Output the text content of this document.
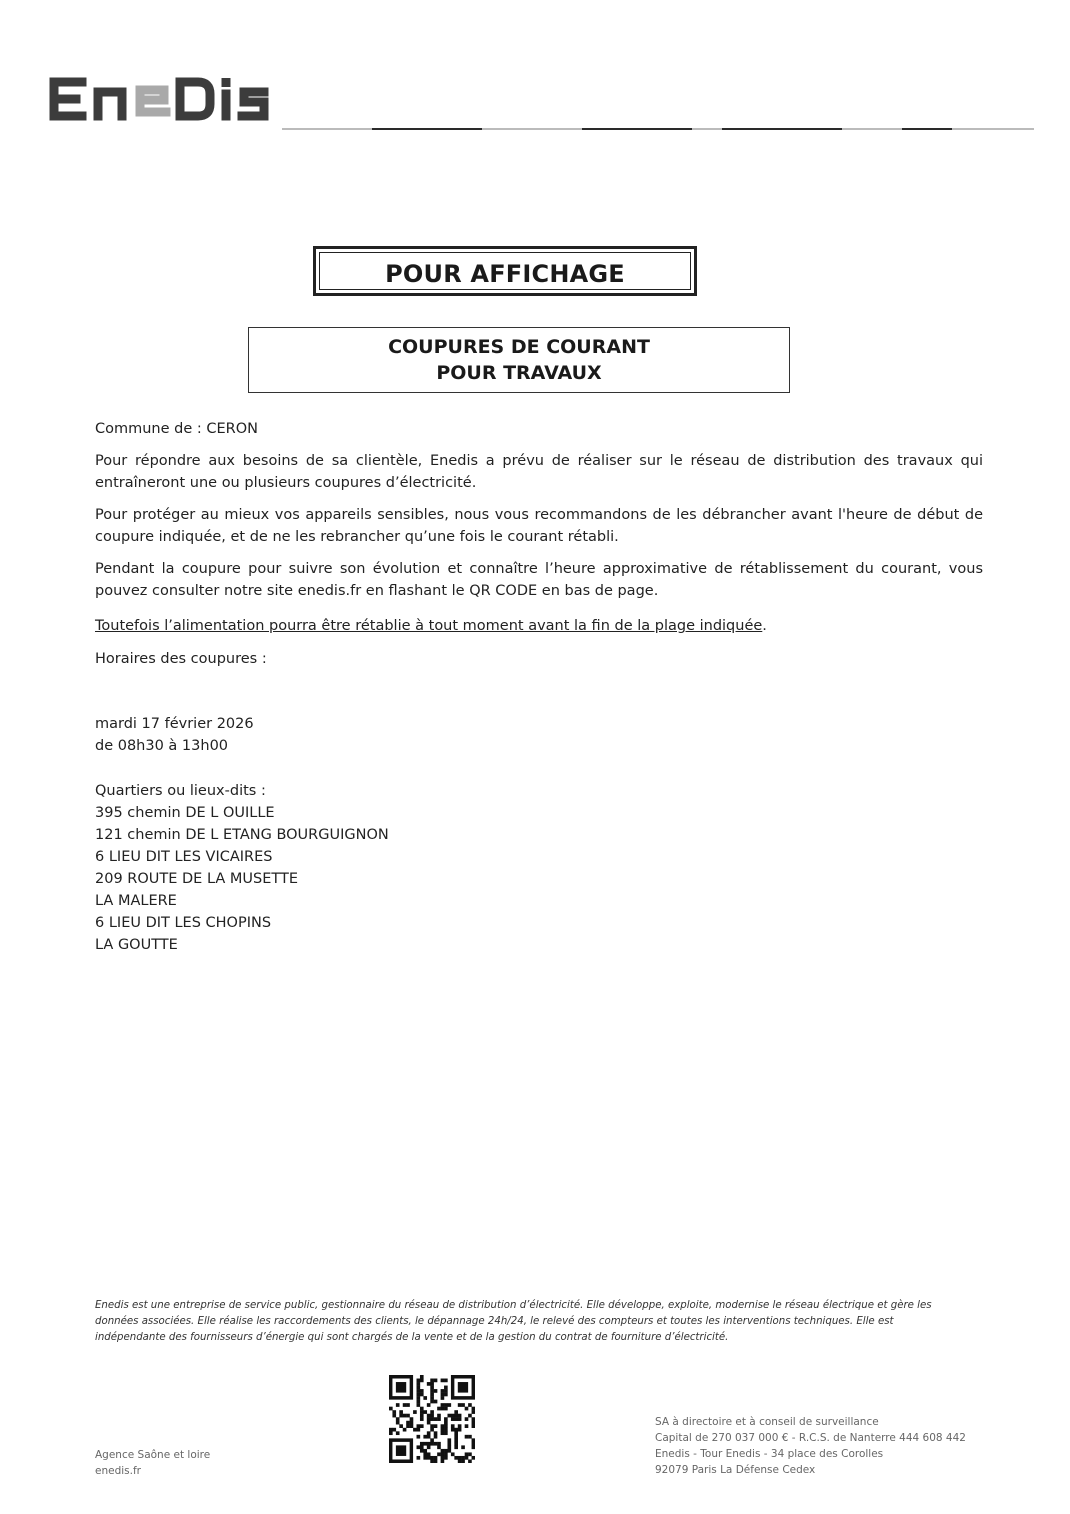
POUR AFFICHAGE
COUPURES DE COURANT
POUR TRAVAUX
Commune de : CERON
Pour répondre aux besoins de sa clientèle, Enedis a prévu de réaliser sur le réseau de distribution des travaux qui entraîneront une ou plusieurs coupures d’électricité.
Pour protéger au mieux vos appareils sensibles, nous vous recommandons de les débrancher avant l'heure de début de coupure indiquée, et de ne les rebrancher qu’une fois le courant rétabli.
Pendant la coupure pour suivre son évolution et connaître l’heure approximative de rétablissement du courant, vous pouvez consulter notre site enedis.fr en flashant le QR CODE en bas de page.
Toutefois l’alimentation pourra être rétablie à tout moment avant la fin de la plage indiquée.
Horaires des coupures :
mardi 17 février 2026
de 08h30 à 13h00
Quartiers ou lieux-dits :
395 chemin DE L OUILLE
121 chemin DE L ETANG BOURGUIGNON
6 LIEU DIT LES VICAIRES
209 ROUTE DE LA MUSETTE
LA MALERE
6 LIEU DIT LES CHOPINS
LA GOUTTE
Enedis est une entreprise de service public, gestionnaire du réseau de distribution d’électricité. Elle développe, exploite, modernise le réseau électrique et gère les données associées. Elle réalise les raccordements des clients, le dépannage 24h/24, le relevé des compteurs et toutes les interventions techniques. Elle est indépendante des fournisseurs d’énergie qui sont chargés de la vente et de la gestion du contrat de fourniture d’électricité.
Agence Saône et loire
enedis.fr
SA à directoire et à conseil de surveillance
Capital de 270 037 000 € - R.C.S. de Nanterre 444 608 442
Enedis - Tour Enedis - 34 place des Corolles
92079 Paris La Défense Cedex
